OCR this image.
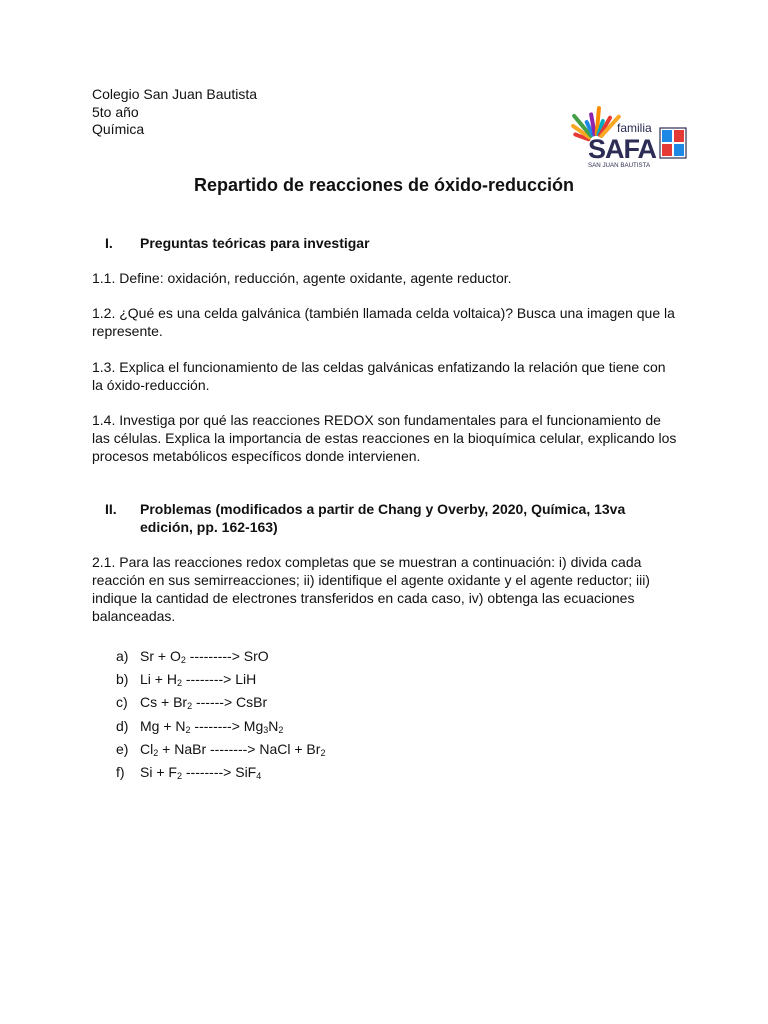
Colegio San Juan Bautista
5to año
Química	familia
SAFA
SAN JUAN BAUTISTA
Repartido de reacciones de óxido-reducción
I. Preguntas teóricas para investigar

1.1. Define: oxidación, reducción, agente oxidante, agente reductor.

1.2. ¿Qué es una celda galvánica (también llamada celda voltaica)? Busca una imagen que la represente.

1.3. Explica el funcionamiento de las celdas galvánicas enfatizando la relación que tiene con la óxido-reducción.

1.4. Investiga por qué las reacciones REDOX son fundamentales para el funcionamiento de las células. Explica la importancia de estas reacciones en la bioquímica celular, explicando los procesos metabólicos específicos donde intervienen.

II. Problemas (modificados a partir de Chang y Overby, 2020, Química, 13va edición, pp. 162-163)

2.1. Para las reacciones redox completas que se muestran a continuación: i) divida cada reacción en sus semirreacciones; ii) identifique el agente oxidante y el agente reductor; iii) indique la cantidad de electrones transferidos en cada caso, iv) obtenga las ecuaciones balanceadas.

a) $Sr + O_2$ ---------> SrO
b) $Li + H_2$ --------> LiH
c) $Cs + Br_2$ ------> CsBr
d) $Mg + N_2$ --------> $Mg_3N_2$
e) $Cl_2$ + NaBr --------> NaCl + $Br_2$
f) $Si + F_2$ --------> SiF$_4$
